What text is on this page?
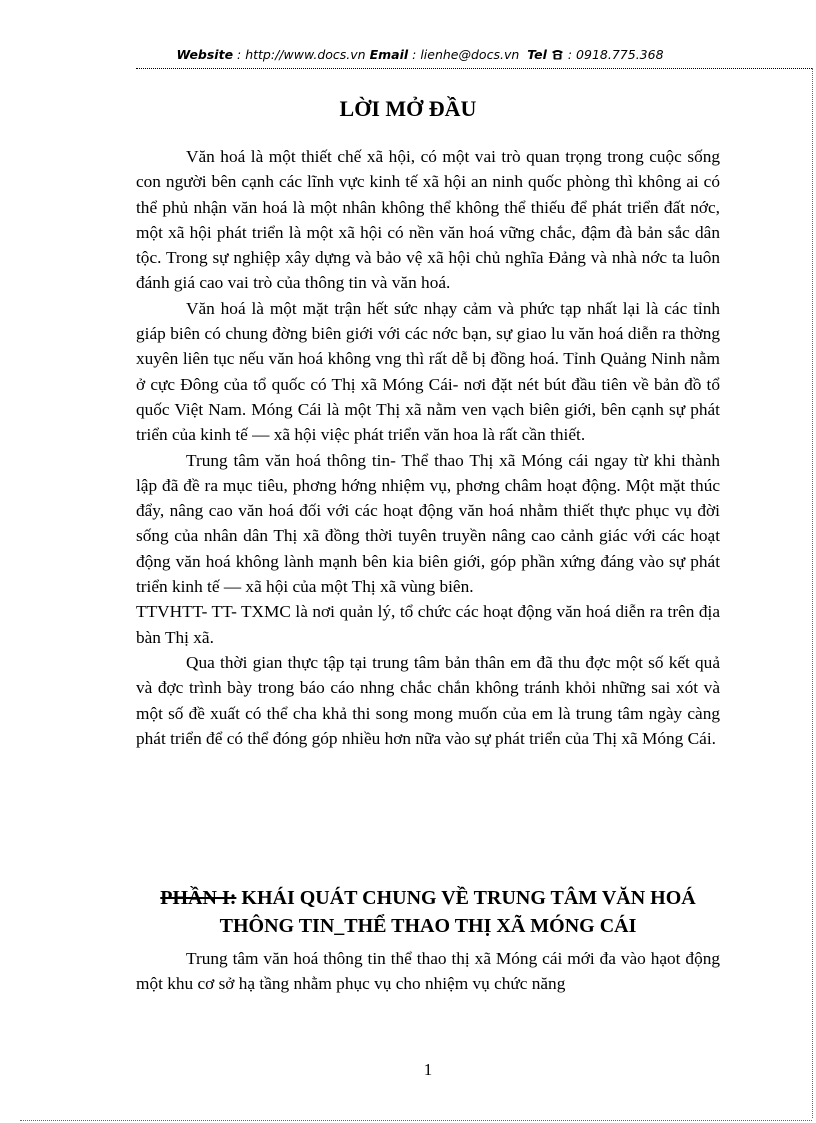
Website : http://www.docs.vn Email : lienhe@docs.vn Tel  : 0918.775.368
LỜI MỞ ĐẦU

Văn hoá là một thiết chế xã hội, có một vai trò quan trọng trong cuộc sống con người bên cạnh các lĩnh vực kinh tế xã hội an ninh quốc phòng thì không ai có thể phủ nhận văn hoá là một nhân không thể không thể thiếu để phát triển đất nớc, một xã hội phát triển là một xã hội có nền văn hoá vững chắc, đậm đà bản sắc dân tộc. Trong sự nghiệp xây dựng và bảo vệ xã hội chủ nghĩa Đảng và nhà nớc ta luôn đánh giá cao vai trò của thông tin và văn hoá.

Văn hoá là một mặt trận hết sức nhạy cảm và phức tạp nhất lại là các tỉnh giáp biên có chung đờng biên giới với các nớc bạn, sự giao lu văn hoá diễn ra thờng xuyên liên tục nếu văn hoá không vng thì rất dễ bị đồng hoá. Tỉnh Quảng Ninh nằm ở cực Đông của tổ quốc có Thị xã Móng Cái- nơi đặt nét bút đầu tiên về bản đồ tổ quốc Việt Nam. Móng Cái là một Thị xã nằm ven vạch biên giới, bên cạnh sự phát triển của kinh tế — xã hội việc phát triển văn hoa là rất cần thiết.

Trung tâm văn hoá thông tin- Thể thao Thị xã Móng cái ngay từ khi thành lập đã đề ra mục tiêu, phơng hớng nhiệm vụ, phơng châm hoạt động. Một mặt thúc đẩy, nâng cao văn hoá đối với các hoạt động văn hoá nhằm thiết thực phục vụ đời sống của nhân dân Thị xã đồng thời tuyên truyền nâng cao cảnh giác với các hoạt động văn hoá không lành mạnh bên kia biên giới, góp phần xứng đáng vào sự phát triển kinh tế — xã hội của một Thị xã vùng biên.

TTVHTT- TT- TXMC là nơi quản lý, tổ chức các hoạt động văn hoá diễn ra trên địa bàn Thị xã.

Qua thời gian thực tập tại trung tâm bản thân em đã thu đợc một số kết quả và đợc trình bày trong báo cáo nhng chắc chắn không tránh khỏi những sai xót và một số đề xuất có thể cha khả thi song mong muốn của em là trung tâm ngày càng phát triển để có thể đóng góp nhiều hơn nữa vào sự phát triển của Thị xã Móng Cái.

PHẦN I: KHÁI QUÁT CHUNG VỀ TRUNG TÂM VĂN HOÁ THÔNG TIN_THỂ THAO THỊ XÃ MÓNG CÁI

Trung tâm văn hoá thông tin thể thao thị xã Móng cái mới đa vào hạot động một khu cơ sở hạ tầng nhằm phục vụ cho nhiệm vụ chức năng

1
